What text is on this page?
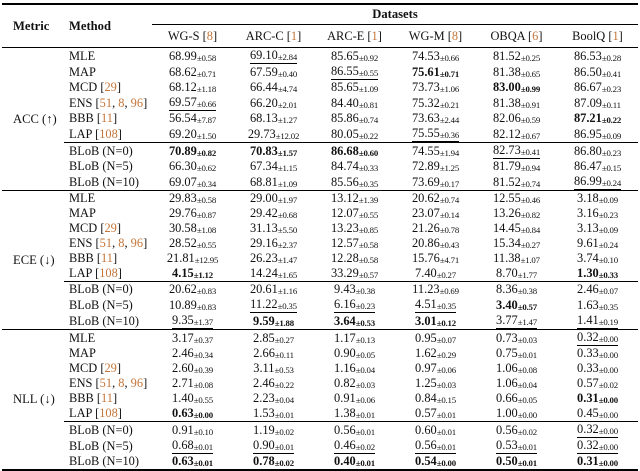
Metric	Method	Datasets					
		WG-S [8]	ARC-C [1]	ARC-E [1]	WG-M [8]	OBQA [6]	BoolQ [1]
ACC (↑)	MLE	68.99±0.58	69.10±2.84	85.65±0.92	74.53±0.66	81.52±0.25	86.53±0.28
	MAP	68.62±0.71	67.59±0.40	86.55±0.55	75.61±0.71	81.38±0.65	86.50±0.41
	MCD [29]	68.12±1.18	66.44±4.74	85.65±1.09	73.73±1.06	83.00±0.99	86.67±0.23
	ENS [51, 8, 96]	69.57±0.66	66.20±2.01	84.40±0.81	75.32±0.21	81.38±0.91	87.09±0.11
	BBB [11]	56.54±7.87	68.13±1.27	85.86±0.74	73.63±2.44	82.06±0.59	87.21±0.22
	LAP [108]	69.20±1.50	29.73±12.02	80.05±0.22	75.55±0.36	82.12±0.67	86.95±0.09
	BLoB (N=0)	70.89±0.82	70.83±1.57	86.68±0.60	74.55±1.94	82.73±0.41	86.80±0.23
	BLoB (N=5)	66.30±0.62	67.34±1.15	84.74±0.33	72.89±1.25	81.79±0.94	86.47±0.15
	BLoB (N=10)	69.07±0.34	68.81±1.09	85.56±0.35	73.69±0.17	81.52±0.74	86.99±0.24
ECE (↓)	MLE	29.83±0.58	29.00±1.97	13.12±1.39	20.62±0.74	12.55±0.46	3.18±0.09
	MAP	29.76±0.87	29.42±0.68	12.07±0.55	23.07±0.14	13.26±0.82	3.16±0.23
	MCD [29]	30.58±1.08	31.13±5.50	13.23±0.85	21.26±0.78	14.45±0.84	3.13±0.09
	ENS [51, 8, 96]	28.52±0.55	29.16±2.37	12.57±0.58	20.86±0.43	15.34±0.27	9.61±0.24
	BBB [11]	21.81±12.95	26.23±1.47	12.28±0.58	15.76±4.71	11.38±1.07	3.74±0.10
	LAP [108]	4.15±1.12	14.24±1.65	33.29±0.57	7.40±0.27	8.70±1.77	1.30±0.33
	BLoB (N=0)	20.62±0.83	20.61±1.16	9.43±0.38	11.23±0.69	8.36±0.38	2.46±0.07
	BLoB (N=5)	10.89±0.83	11.22±0.35	6.16±0.23	4.51±0.35	3.40±0.57	1.63±0.35
	BLoB (N=10)	9.35±1.37	9.59±1.88	3.64±0.53	3.01±0.12	3.77±1.47	1.41±0.19
NLL (↓)	MLE	3.17±0.37	2.85±0.27	1.17±0.13	0.95±0.07	0.73±0.03	0.32±0.00
	MAP	2.46±0.34	2.66±0.11	0.90±0.05	1.62±0.29	0.75±0.01	0.33±0.00
	MCD [29]	2.60±0.39	3.11±0.53	1.16±0.04	0.97±0.06	1.06±0.08	0.33±0.00
	ENS [51, 8, 96]	2.71±0.08	2.46±0.22	0.82±0.03	1.25±0.03	1.06±0.04	0.57±0.02
	BBB [11]	1.40±0.55	2.23±0.04	0.91±0.06	0.84±0.15	0.66±0.05	0.31±0.00
	LAP [108]	0.63±0.00	1.53±0.01	1.38±0.01	0.57±0.01	1.00±0.00	0.45±0.00
	BLoB (N=0)	0.91±0.10	1.19±0.02	0.56±0.01	0.60±0.01	0.56±0.02	0.32±0.00
	BLoB (N=5)	0.68±0.01	0.90±0.01	0.46±0.02	0.56±0.01	0.53±0.01	0.32±0.00
	BLoB (N=10)	0.63±0.01	0.78±0.02	0.40±0.01	0.54±0.00	0.50±0.01	0.31±0.00
